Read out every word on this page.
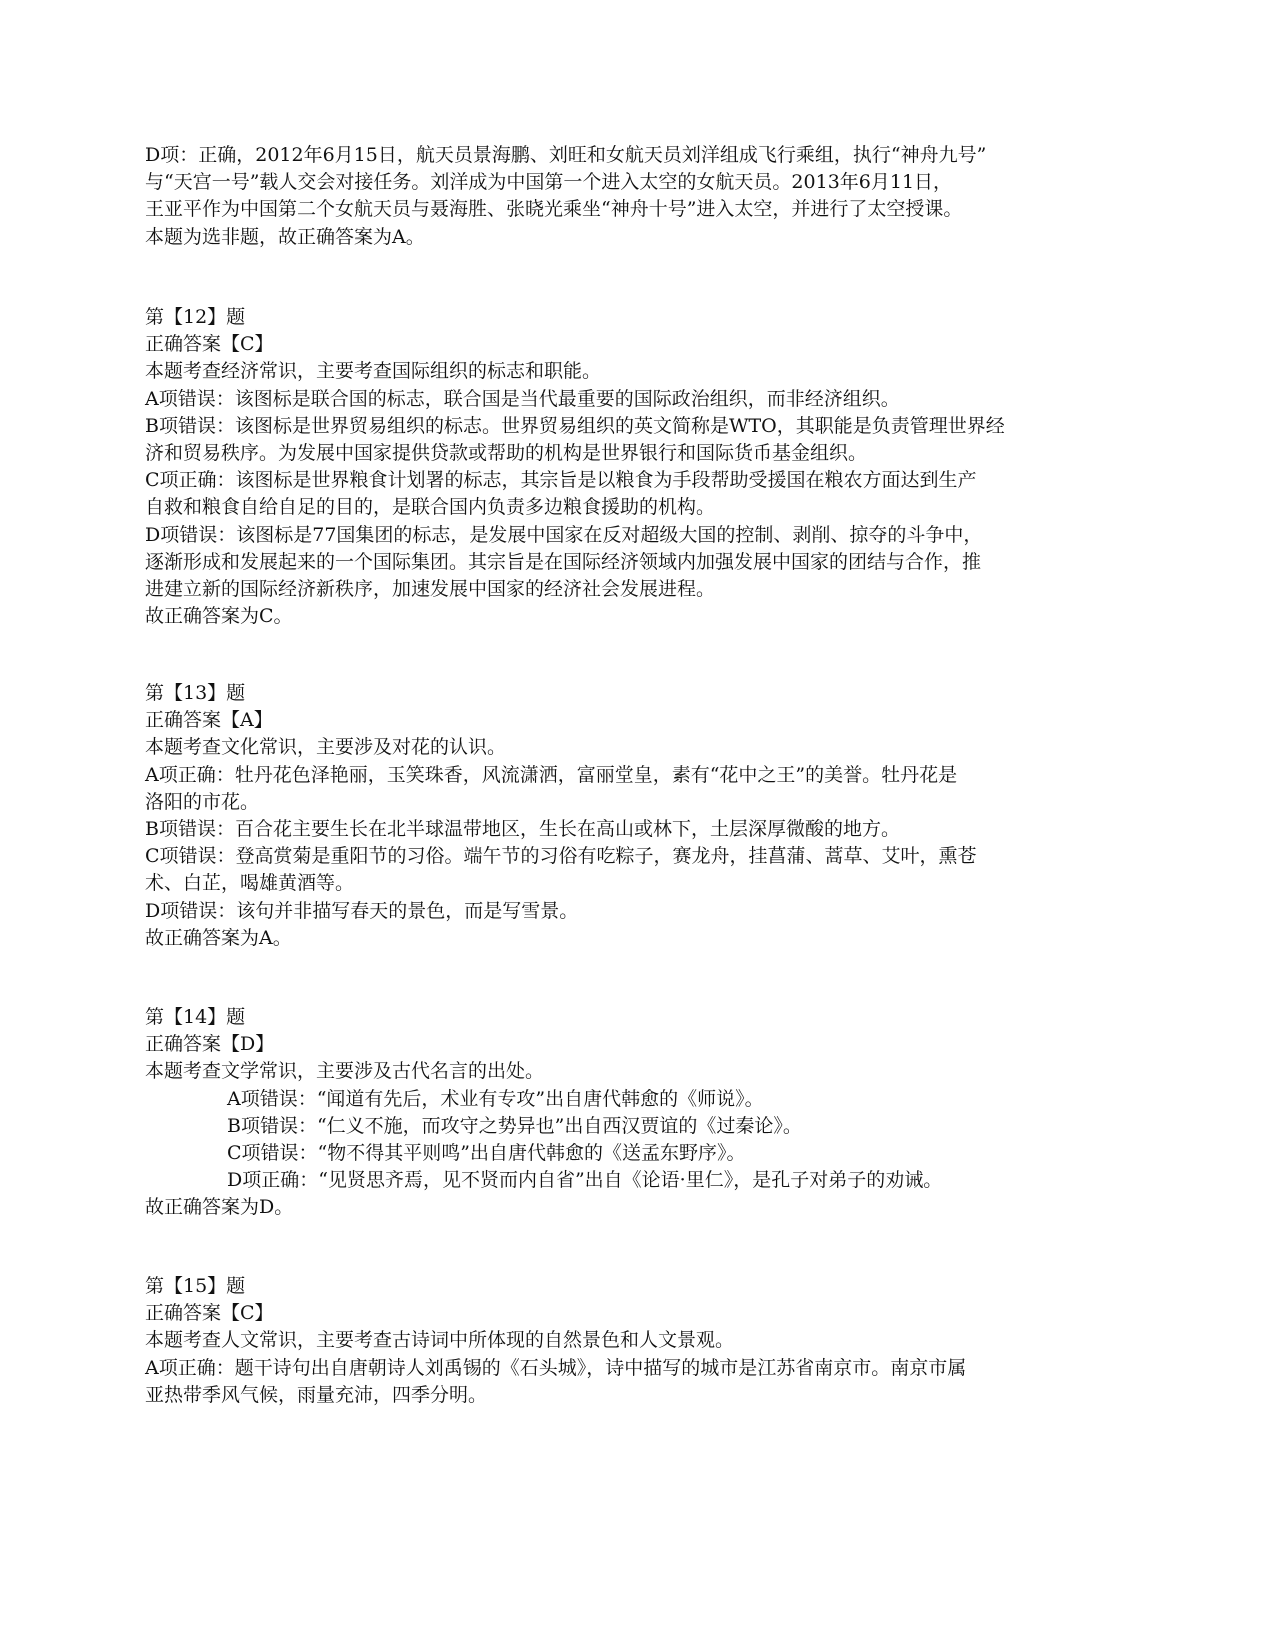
D项：正确，2012年6月15日，航天员景海鹏、刘旺和女航天员刘洋组成飞行乘组，执行“神舟九号”
与“天宫一号”载人交会对接任务。刘洋成为中国第一个进入太空的女航天员。2013年6月11日，
王亚平作为中国第二个女航天员与聂海胜、张晓光乘坐“神舟十号”进入太空，并进行了太空授课。
本题为选非题，故正确答案为A。
第【12】题
正确答案【C】
本题考查经济常识，主要考查国际组织的标志和职能。
A项错误：该图标是联合国的标志，联合国是当代最重要的国际政治组织，而非经济组织。
B项错误：该图标是世界贸易组织的标志。世界贸易组织的英文简称是WTO，其职能是负责管理世界经
济和贸易秩序。为发展中国家提供贷款或帮助的机构是世界银行和国际货币基金组织。
C项正确：该图标是世界粮食计划署的标志，其宗旨是以粮食为手段帮助受援国在粮农方面达到生产
自救和粮食自给自足的目的，是联合国内负责多边粮食援助的机构。
D项错误：该图标是77国集团的标志，是发展中国家在反对超级大国的控制、剥削、掠夺的斗争中，
逐渐形成和发展起来的一个国际集团。其宗旨是在国际经济领域内加强发展中国家的团结与合作，推
进建立新的国际经济新秩序，加速发展中国家的经济社会发展进程。
故正确答案为C。
第【13】题
正确答案【A】
本题考查文化常识，主要涉及对花的认识。
A项正确：牡丹花色泽艳丽，玉笑珠香，风流潇洒，富丽堂皇，素有“花中之王”的美誉。牡丹花是
洛阳的市花。
B项错误：百合花主要生长在北半球温带地区，生长在高山或林下，土层深厚微酸的地方。
C项错误：登高赏菊是重阳节的习俗。端午节的习俗有吃粽子，赛龙舟，挂菖蒲、蒿草、艾叶，熏苍
术、白芷，喝雄黄酒等。
D项错误：该句并非描写春天的景色，而是写雪景。
故正确答案为A。
第【14】题
正确答案【D】
本题考查文学常识，主要涉及古代名言的出处。
A项错误：“闻道有先后，术业有专攻”出自唐代韩愈的《师说》。
B项错误：“仁义不施，而攻守之势异也”出自西汉贾谊的《过秦论》。
C项错误：“物不得其平则鸣”出自唐代韩愈的《送孟东野序》。
D项正确：“见贤思齐焉，见不贤而内自省”出自《论语·里仁》，是孔子对弟子的劝诫。
故正确答案为D。
第【15】题
正确答案【C】
本题考查人文常识，主要考查古诗词中所体现的自然景色和人文景观。
A项正确：题干诗句出自唐朝诗人刘禹锡的《石头城》，诗中描写的城市是江苏省南京市。南京市属
亚热带季风气候，雨量充沛，四季分明。
